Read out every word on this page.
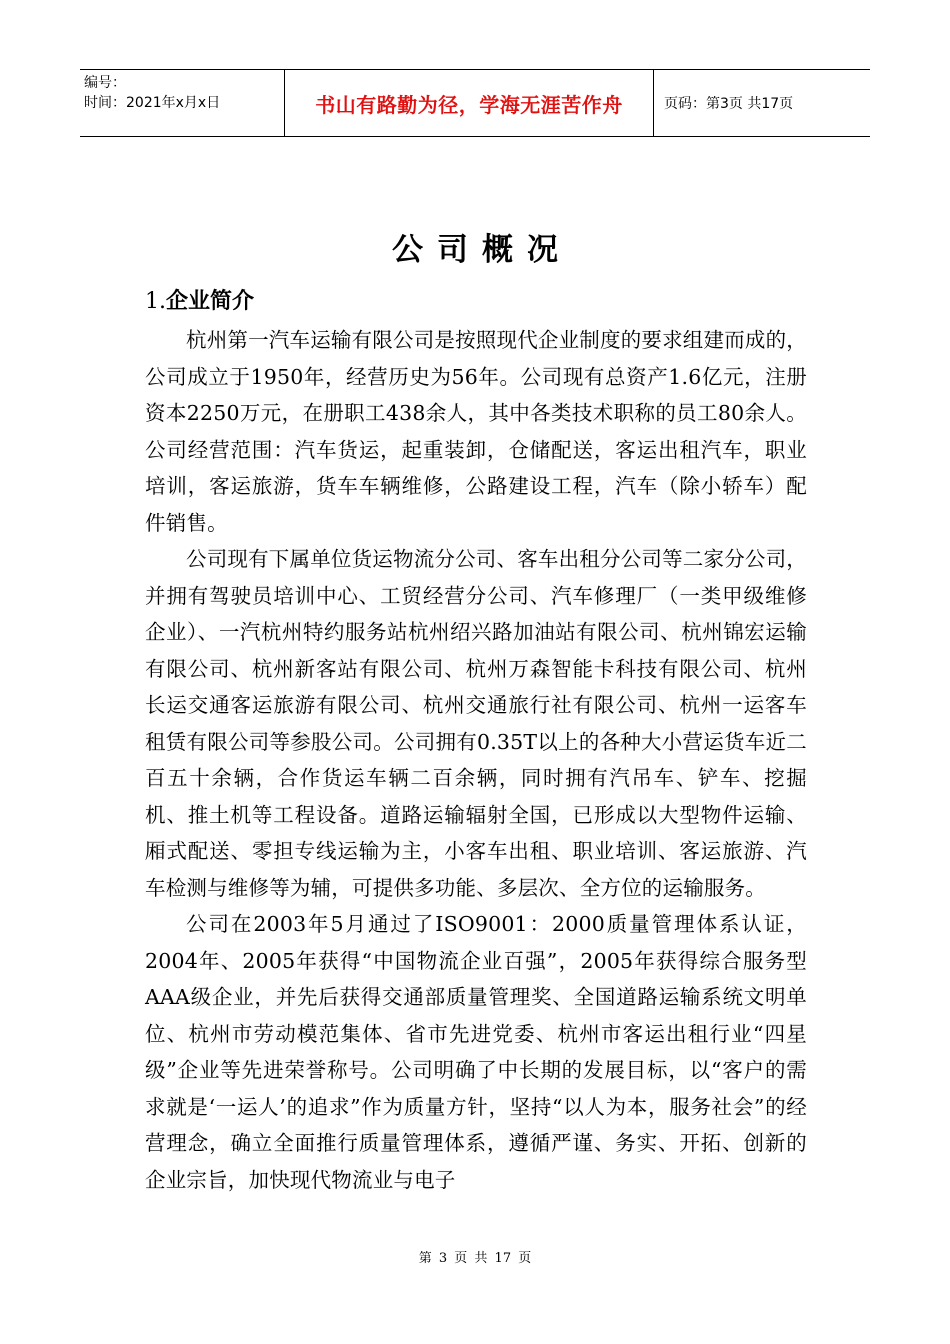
编号：
时间：2021年x月x日	书山有路勤为径，学海无涯苦作舟	页码：第3页 共17页
公司概况
1.企业简介

杭州第一汽车运输有限公司是按照现代企业制度的要求组建而成的，公司成立于1950年，经营历史为56年。公司现有总资产1.6亿元，注册资本2250万元，在册职工438余人，其中各类技术职称的员工80余人。公司经营范围：汽车货运，起重装卸，仓储配送，客运出租汽车，职业培训，客运旅游，货车车辆维修，公路建设工程，汽车（除小轿车）配件销售。

公司现有下属单位货运物流分公司、客车出租分公司等二家分公司，并拥有驾驶员培训中心、工贸经营分公司、汽车修理厂（一类甲级维修企业）、一汽杭州特约服务站杭州绍兴路加油站有限公司、杭州锦宏运输有限公司、杭州新客站有限公司、杭州万森智能卡科技有限公司、杭州长运交通客运旅游有限公司、杭州交通旅行社有限公司、杭州一运客车租赁有限公司等参股公司。公司拥有0.35T以上的各种大小营运货车近二百五十余辆，合作货运车辆二百余辆，同时拥有汽吊车、铲车、挖掘机、推土机等工程设备。道路运输辐射全国，已形成以大型物件运输、厢式配送、零担专线运输为主，小客车出租、职业培训、客运旅游、汽车检测与维修等为辅，可提供多功能、多层次、全方位的运输服务。

公司在2003年5月通过了ISO9001：2000质量管理体系认证，2004年、2005年获得“中国物流企业百强”，2005年获得综合服务型AAA级企业，并先后获得交通部质量管理奖、全国道路运输系统文明单位、杭州市劳动模范集体、省市先进党委、杭州市客运出租行业“四星级”企业等先进荣誉称号。公司明确了中长期的发展目标，以“客户的需求就是‘一运人’的追求”作为质量方针，坚持“以人为本，服务社会”的经营理念，确立全面推行质量管理体系，遵循严谨、务实、开拓、创新的企业宗旨，加快现代物流业与电子

第 3 页 共 17 页
